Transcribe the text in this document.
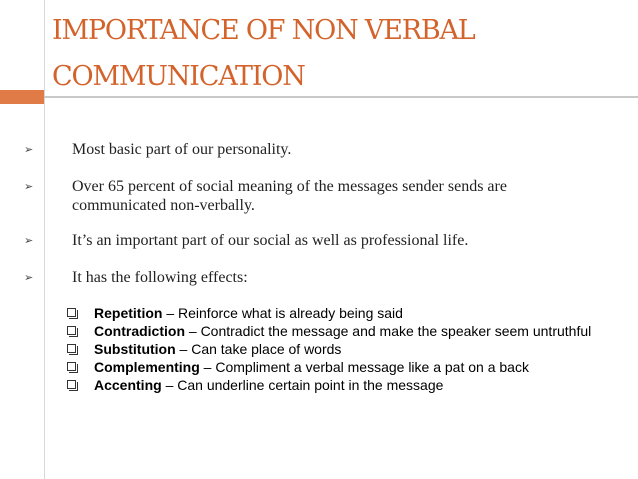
IMPORTANCE OF NON VERBAL
COMMUNICATION
➢ Most basic part of our personality.
➢ Over 65 percent of social meaning of the messages sender sends are
communicated non-verbally.
➢ It’s an important part of our social as well as professional life.
➢ It has the following effects:
Repetition – Reinforce what is already being said
Contradiction – Contradict the message and make the speaker seem untruthful
Substitution – Can take place of words
Complementing – Compliment a verbal message like a pat on a back
Accenting – Can underline certain point in the message
